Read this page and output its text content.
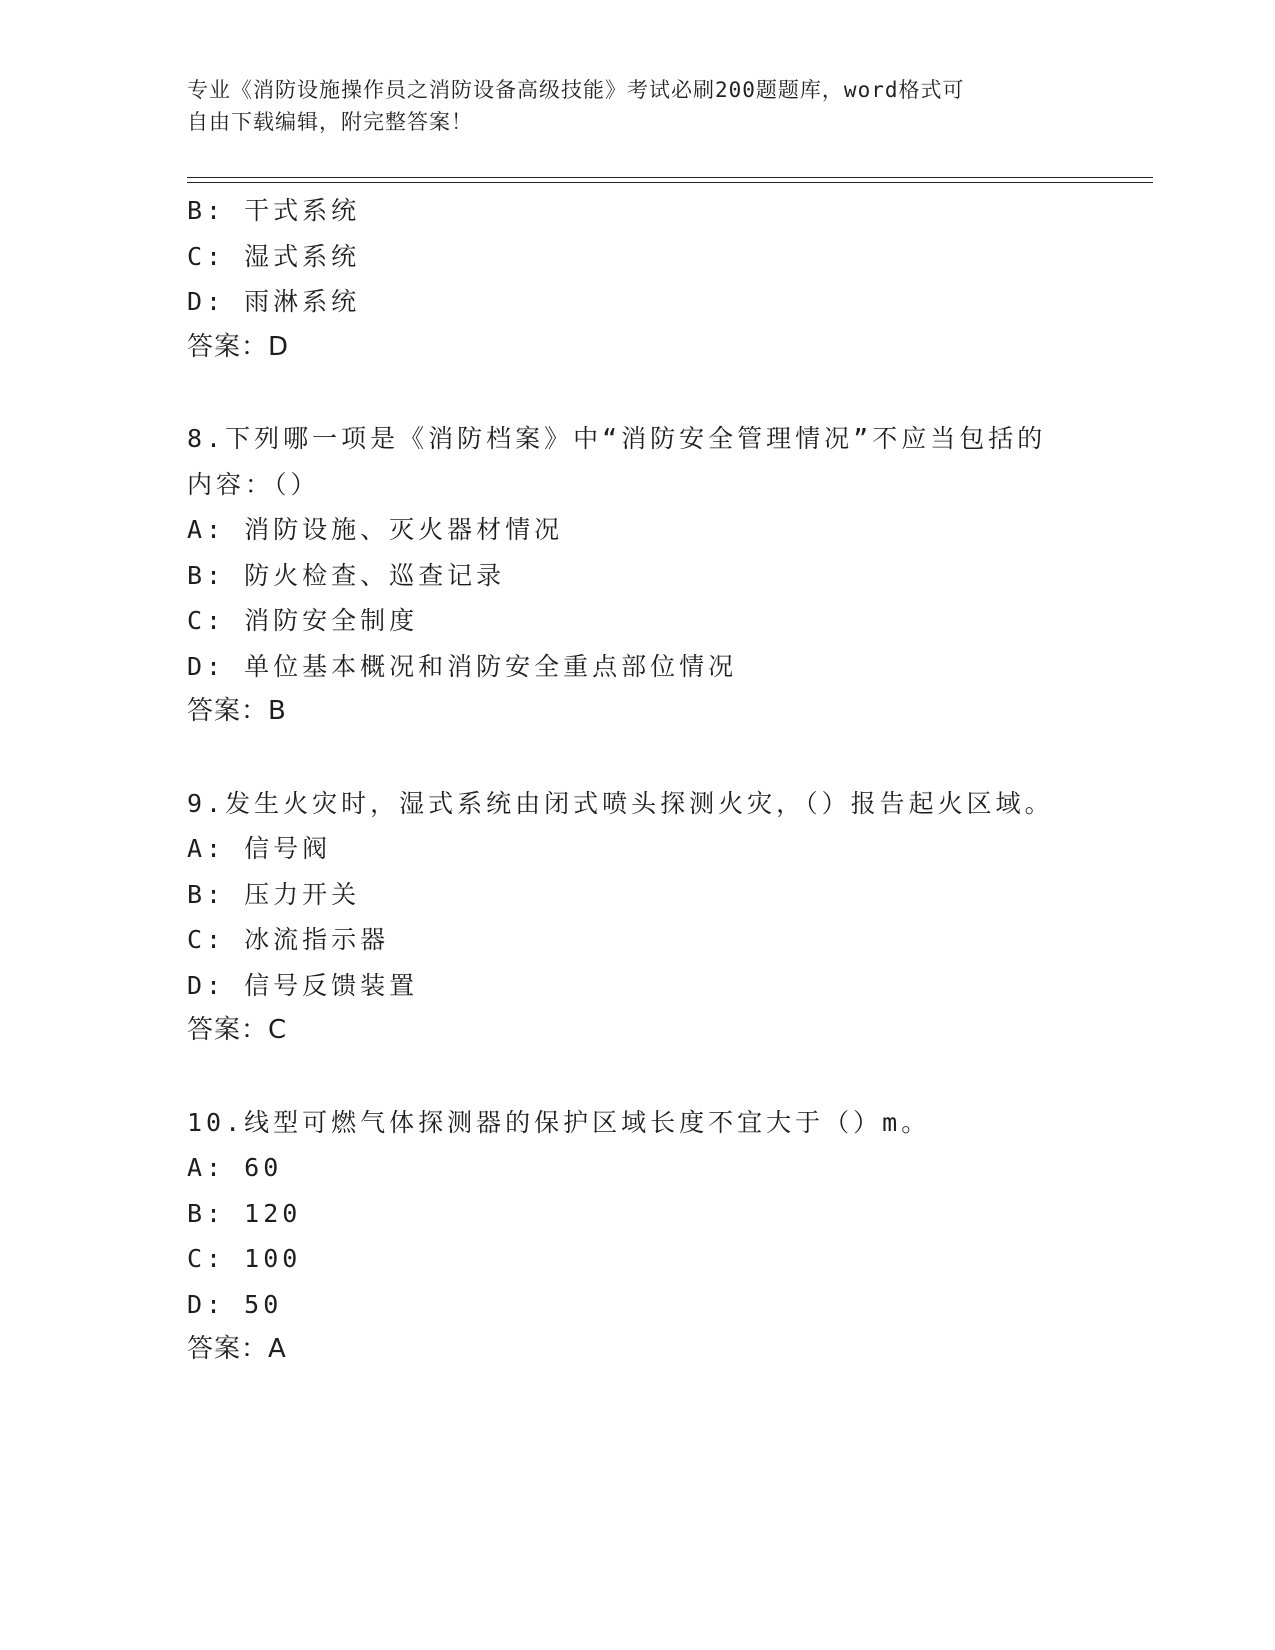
专业《消防设施操作员之消防设备高级技能》考试必刷200题题库，word格式可
自由下载编辑，附完整答案！
B: 干式系统
C: 湿式系统
D: 雨淋系统
答案：D
8.下列哪一项是《消防档案》中“消防安全管理情况”不应当包括的
内容：（）
A: 消防设施、灭火器材情况
B: 防火检查、巡查记录
C: 消防安全制度
D: 单位基本概况和消防安全重点部位情况
答案：B
9.发生火灾时，湿式系统由闭式喷头探测火灾，（）报告起火区域。
A: 信号阀
B: 压力开关
C: 冰流指示器
D: 信号反馈装置
答案：C
10.线型可燃气体探测器的保护区域长度不宜大于（）m。
A: 60
B: 120
C: 100
D: 50
答案：A
